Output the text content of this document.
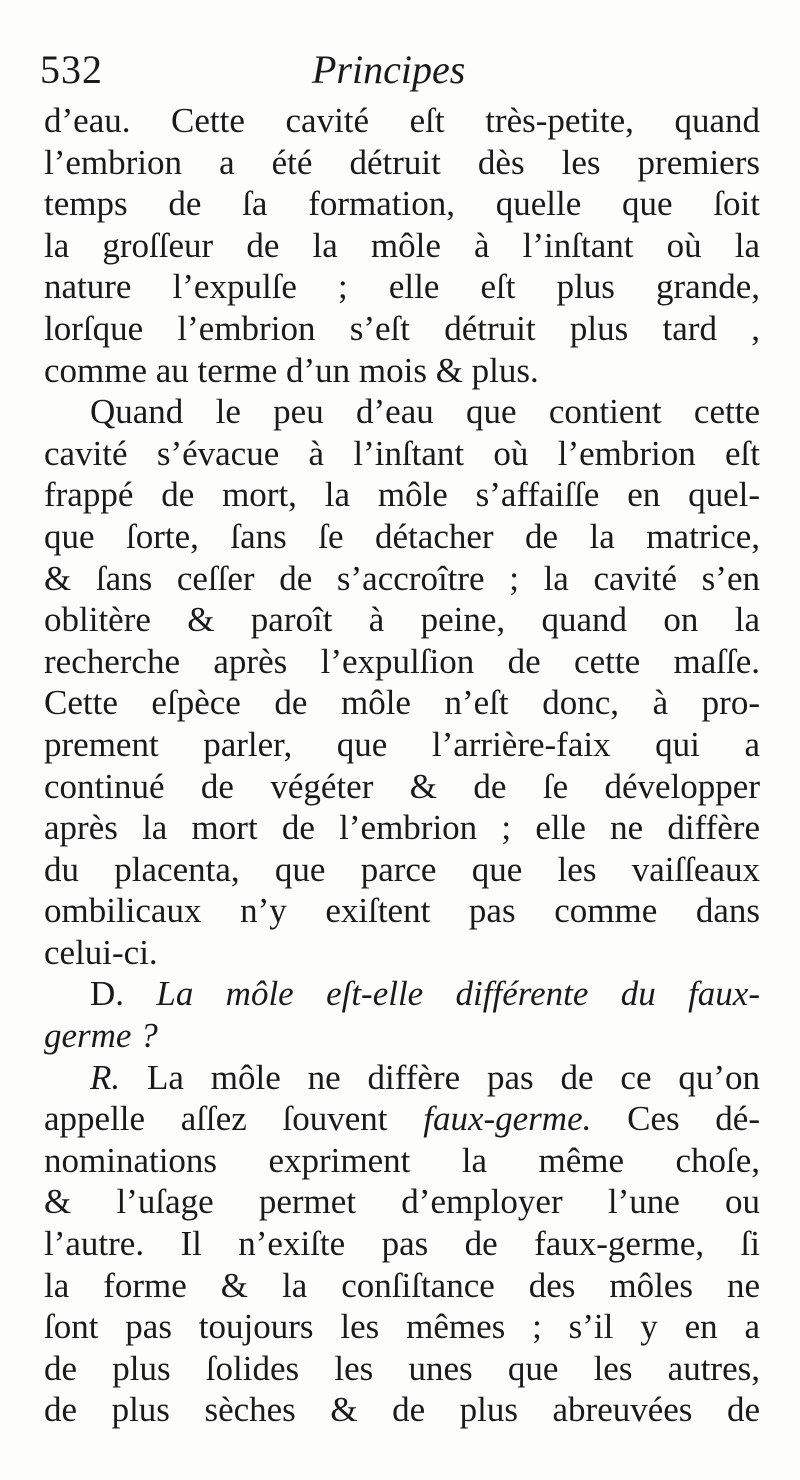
532	Principes
d’eau. Cette cavité eſt très-petite, quand
l’embrion a été détruit dès les premiers
temps de ſa formation, quelle que ſoit
la groſſeur de la môle à l’inſtant où la
nature l’expulſe ; elle eſt plus grande,
lorſque l’embrion s’eſt détruit plus tard ,
comme au terme d’un mois & plus.
Quand le peu d’eau que contient cette
cavité s’évacue à l’inſtant où l’embrion eſt
frappé de mort, la môle s’affaiſſe en quel-
que ſorte, ſans ſe détacher de la matrice,
& ſans ceſſer de s’accroître ; la cavité s’en
oblitère & paroît à peine, quand on la
recherche après l’expulſion de cette maſſe.
Cette eſpèce de môle n’eſt donc, à pro-
prement parler, que l’arrière-faix qui a
continué de végéter & de ſe développer
après la mort de l’embrion ; elle ne diffère
du placenta, que parce que les vaiſſeaux
ombilicaux n’y exiſtent pas comme dans
celui-ci.
D. La môle eſt-elle différente du faux-
germe ?
R. La môle ne diffère pas de ce qu’on
appelle aſſez ſouvent faux-germe. Ces dé-
nominations expriment la même choſe,
& l’uſage permet d’employer l’une ou
l’autre. Il n’exiſte pas de faux-germe, ſi
la forme & la conſiſtance des môles ne
ſont pas toujours les mêmes ; s’il y en a
de plus ſolides les unes que les autres,
de plus sèches & de plus abreuvées de
